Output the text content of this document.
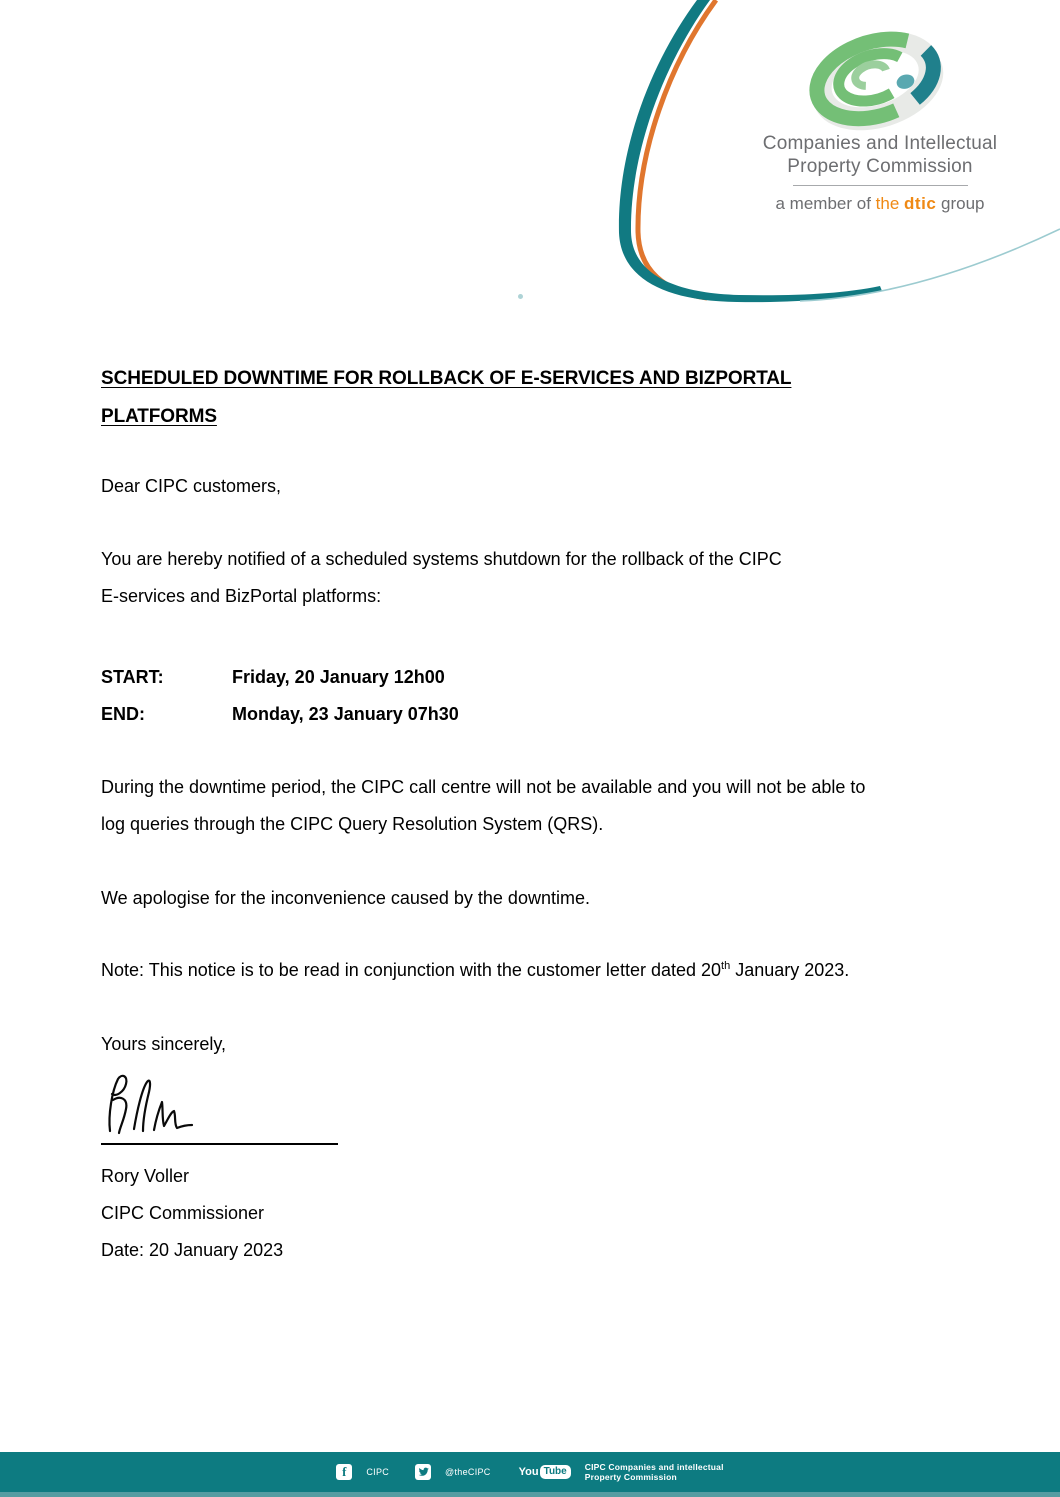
Companies and Intellectual
Property Commission
a member of the dtic group
SCHEDULED DOWNTIME FOR ROLLBACK OF E-SERVICES AND BIZPORTAL
PLATFORMS

Dear CIPC customers,

You are hereby notified of a scheduled systems shutdown for the rollback of the CIPC
E-services and BizPortal platforms:

START:	Friday, 20 January 12h00
END:	Monday, 23 January 07h30

During the downtime period, the CIPC call centre will not be available and you will not be able to
log queries through the CIPC Query Resolution System (QRS).

We apologise for the inconvenience caused by the downtime.

Note: This notice is to be read in conjunction with the customer letter dated 20th January 2023.

Yours sincerely,

Rory Voller
CIPC Commissioner
Date: 20 January 2023
f CIPC	@theCIPC	You Tube	CIPC Companies and intellectual
Property Commission
